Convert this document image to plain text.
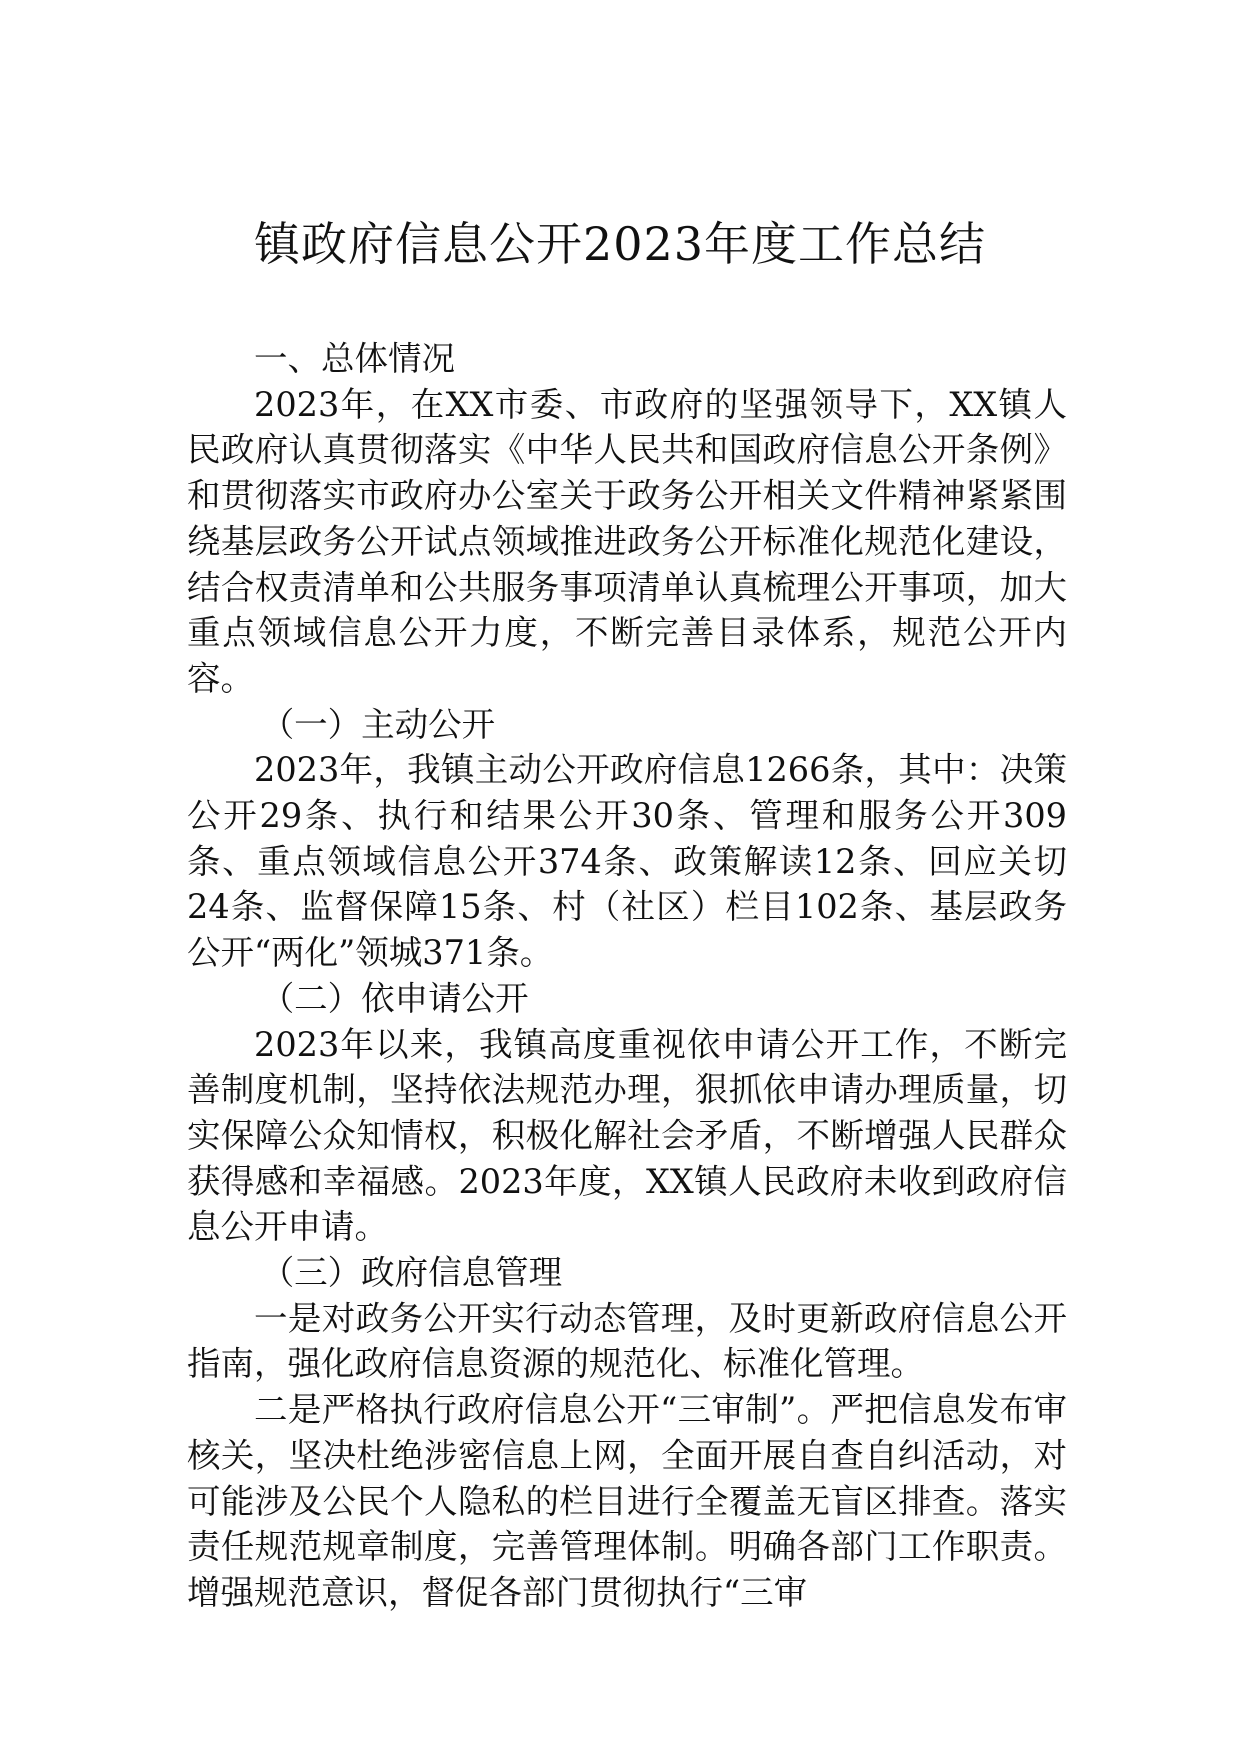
镇政府信息公开2023年度工作总结

一、总体情况

2023年，在XX市委、市政府的坚强领导下，XX镇人民政府认真贯彻落实《中华人民共和国政府信息公开条例》和贯彻落实市政府办公室关于政务公开相关文件精神紧紧围绕基层政务公开试点领域推进政务公开标准化规范化建设，结合权责清单和公共服务事项清单认真梳理公开事项，加大重点领域信息公开力度，不断完善目录体系，规范公开内容。

（一）主动公开

2023年，我镇主动公开政府信息1266条，其中：决策公开29条、执行和结果公开30条、管理和服务公开309条、重点领域信息公开374条、政策解读12条、回应关切24条、监督保障15条、村（社区）栏目102条、基层政务公开“两化”领城371条。

（二）依申请公开

2023年以来，我镇高度重视依申请公开工作，不断完善制度机制，坚持依法规范办理，狠抓依申请办理质量，切实保障公众知情权，积极化解社会矛盾，不断增强人民群众获得感和幸福感。2023年度，XX镇人民政府未收到政府信息公开申请。

（三）政府信息管理

一是对政务公开实行动态管理，及时更新政府信息公开指南，强化政府信息资源的规范化、标准化管理。

二是严格执行政府信息公开“三审制”。严把信息发布审核关，坚决杜绝涉密信息上网，全面开展自查自纠活动，对可能涉及公民个人隐私的栏目进行全覆盖无盲区排查。落实责任规范规章制度，完善管理体制。明确各部门工作职责。增强规范意识，督促各部门贯彻执行“三审
